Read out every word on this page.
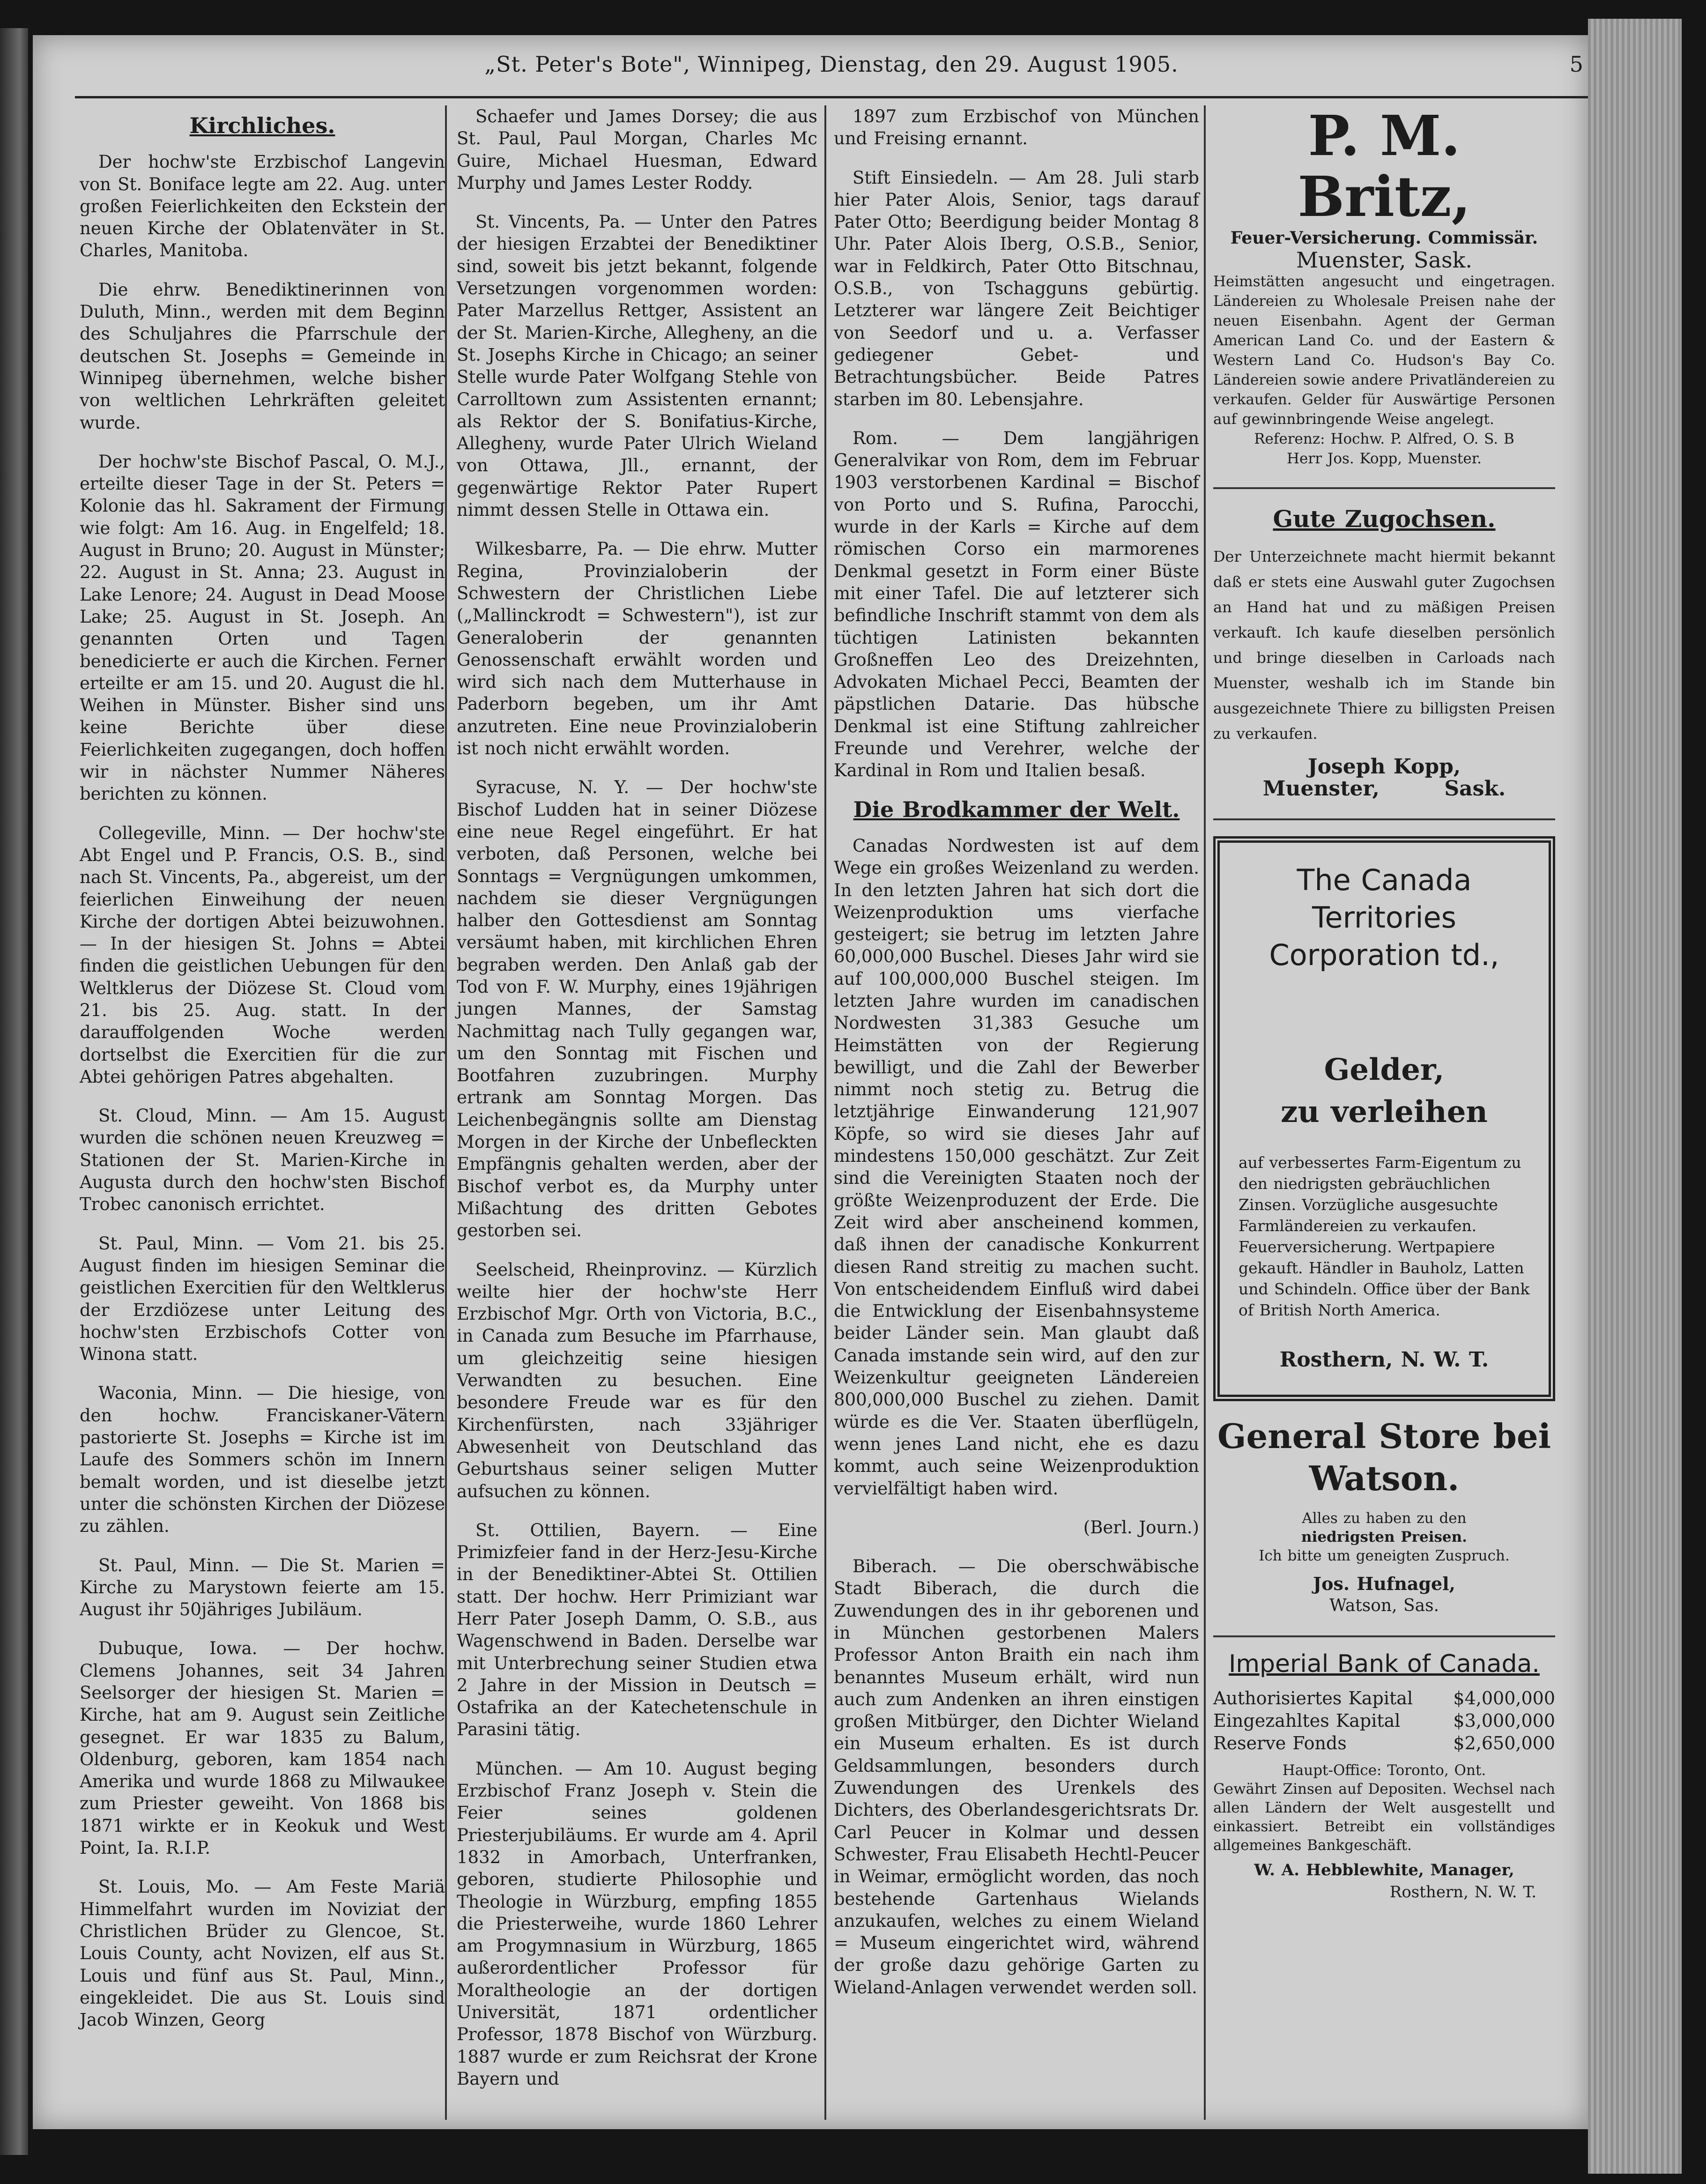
„St. Peter's Bote", Winnipeg, Dienstag, den 29. August 1905.	5
Kirchliches.

Der hochw'ste Erzbischof Langevin von St. Boniface legte am 22. Aug. unter großen Feierlichkeiten den Eckstein der neuen Kirche der Oblatenväter in St. Charles, Manitoba.

Die ehrw. Benediktinerinnen von Duluth, Minn., werden mit dem Beginn des Schuljahres die Pfarrschule der deutschen St. Josephs = Gemeinde in Winnipeg übernehmen, welche bisher von weltlichen Lehrkräften geleitet wurde.

Der hochw'ste Bischof Pascal, O. M.J., erteilte dieser Tage in der St. Peters = Kolonie das hl. Sakrament der Firmung wie folgt: Am 16. Aug. in Engelfeld; 18. August in Bruno; 20. August in Münster; 22. August in St. Anna; 23. August in Lake Lenore; 24. August in Dead Moose Lake; 25. August in St. Joseph. An genannten Orten und Tagen benedicierte er auch die Kirchen. Ferner erteilte er am 15. und 20. August die hl. Weihen in Münster. Bisher sind uns keine Berichte über diese Feierlichkeiten zugegangen, doch hoffen wir in nächster Nummer Näheres berichten zu können.

Collegeville, Minn. — Der hochw'ste Abt Engel und P. Francis, O.S. B., sind nach St. Vincents, Pa., abgereist, um der feierlichen Einweihung der neuen Kirche der dortigen Abtei beizuwohnen. — In der hiesigen St. Johns = Abtei finden die geistlichen Uebungen für den Weltklerus der Diözese St. Cloud vom 21. bis 25. Aug. statt. In der darauffolgenden Woche werden dortselbst die Exercitien für die zur Abtei gehörigen Patres abgehalten.

St. Cloud, Minn. — Am 15. August wurden die schönen neuen Kreuzweg = Stationen der St. Marien-Kirche in Augusta durch den hochw'sten Bischof Trobec canonisch errichtet.

St. Paul, Minn. — Vom 21. bis 25. August finden im hiesigen Seminar die geistlichen Exercitien für den Weltklerus der Erzdiözese unter Leitung des hochw'sten Erzbischofs Cotter von Winona statt.

Waconia, Minn. — Die hiesige, von den hochw. Franciskaner-Vätern pastorierte St. Josephs = Kirche ist im Laufe des Sommers schön im Innern bemalt worden, und ist dieselbe jetzt unter die schönsten Kirchen der Diözese zu zählen.

St. Paul, Minn. — Die St. Marien = Kirche zu Marystown feierte am 15. August ihr 50jähriges Jubiläum.

Dubuque, Iowa. — Der hochw. Clemens Johannes, seit 34 Jahren Seelsorger der hiesigen St. Marien = Kirche, hat am 9. August sein Zeitliche gesegnet. Er war 1835 zu Balum, Oldenburg, geboren, kam 1854 nach Amerika und wurde 1868 zu Milwaukee zum Priester geweiht. Von 1868 bis 1871 wirkte er in Keokuk und West Point, Ia. R.I.P.

St. Louis, Mo. — Am Feste Mariä Himmelfahrt wurden im Noviziat der Christlichen Brüder zu Glencoe, St. Louis County, acht Novizen, elf aus St. Louis und fünf aus St. Paul, Minn., eingekleidet. Die aus St. Louis sind Jacob Winzen, Georg

Schaefer und James Dorsey; die aus St. Paul, Paul Morgan, Charles Mc Guire, Michael Huesman, Edward Murphy und James Lester Roddy.

St. Vincents, Pa. — Unter den Patres der hiesigen Erzabtei der Benediktiner sind, soweit bis jetzt bekannt, folgende Versetzungen vorgenommen worden: Pater Marzellus Rettger, Assistent an der St. Marien-Kirche, Allegheny, an die St. Josephs Kirche in Chicago; an seiner Stelle wurde Pater Wolfgang Stehle von Carrolltown zum Assistenten ernannt; als Rektor der S. Bonifatius-Kirche, Allegheny, wurde Pater Ulrich Wieland von Ottawa, Jll., ernannt, der gegenwärtige Rektor Pater Rupert nimmt dessen Stelle in Ottawa ein.

Wilkesbarre, Pa. — Die ehrw. Mutter Regina, Provinzialoberin der Schwestern der Christlichen Liebe („Mallinckrodt = Schwestern"), ist zur Generaloberin der genannten Genossenschaft erwählt worden und wird sich nach dem Mutterhause in Paderborn begeben, um ihr Amt anzutreten. Eine neue Provinzialoberin ist noch nicht erwählt worden.

Syracuse, N. Y. — Der hochw'ste Bischof Ludden hat in seiner Diözese eine neue Regel eingeführt. Er hat verboten, daß Personen, welche bei Sonntags = Vergnügungen umkommen, nachdem sie dieser Vergnügungen halber den Gottesdienst am Sonntag versäumt haben, mit kirchlichen Ehren begraben werden. Den Anlaß gab der Tod von F. W. Murphy, eines 19jährigen jungen Mannes, der Samstag Nachmittag nach Tully gegangen war, um den Sonntag mit Fischen und Bootfahren zuzubringen. Murphy ertrank am Sonntag Morgen. Das Leichenbegängnis sollte am Dienstag Morgen in der Kirche der Unbefleckten Empfängnis gehalten werden, aber der Bischof verbot es, da Murphy unter Mißachtung des dritten Gebotes gestorben sei.

Seelscheid, Rheinprovinz. — Kürzlich weilte hier der hochw'ste Herr Erzbischof Mgr. Orth von Victoria, B.C., in Canada zum Besuche im Pfarrhause, um gleichzeitig seine hiesigen Verwandten zu besuchen. Eine besondere Freude war es für den Kirchenfürsten, nach 33jähriger Abwesenheit von Deutschland das Geburtshaus seiner seligen Mutter aufsuchen zu können.

St. Ottilien, Bayern. — Eine Primizfeier fand in der Herz-Jesu-Kirche in der Benediktiner-Abtei St. Ottilien statt. Der hochw. Herr Primiziant war Herr Pater Joseph Damm, O. S.B., aus Wagenschwend in Baden. Derselbe war mit Unterbrechung seiner Studien etwa 2 Jahre in der Mission in Deutsch = Ostafrika an der Katechetenschule in Parasini tätig.

München. — Am 10. August beging Erzbischof Franz Joseph v. Stein die Feier seines goldenen Priesterjubiläums. Er wurde am 4. April 1832 in Amorbach, Unterfranken, geboren, studierte Philosophie und Theologie in Würzburg, empfing 1855 die Priesterweihe, wurde 1860 Lehrer am Progymnasium in Würzburg, 1865 außerordentlicher Professor für Moraltheologie an der dortigen Universität, 1871 ordentlicher Professor, 1878 Bischof von Würzburg. 1887 wurde er zum Reichsrat der Krone Bayern und

1897 zum Erzbischof von München und Freising ernannt.

Stift Einsiedeln. — Am 28. Juli starb hier Pater Alois, Senior, tags darauf Pater Otto; Beerdigung beider Montag 8 Uhr. Pater Alois Iberg, O.S.B., Senior, war in Feldkirch, Pater Otto Bitschnau, O.S.B., von Tschagguns gebürtig. Letzterer war längere Zeit Beichtiger von Seedorf und u. a. Verfasser gediegener Gebet- und Betrachtungsbücher. Beide Patres starben im 80. Lebensjahre.

Rom. — Dem langjährigen Generalvikar von Rom, dem im Februar 1903 verstorbenen Kardinal = Bischof von Porto und S. Rufina, Parocchi, wurde in der Karls = Kirche auf dem römischen Corso ein marmorenes Denkmal gesetzt in Form einer Büste mit einer Tafel. Die auf letzterer sich befindliche Inschrift stammt von dem als tüchtigen Latinisten bekannten Großneffen Leo des Dreizehnten, Advokaten Michael Pecci, Beamten der päpstlichen Datarie. Das hübsche Denkmal ist eine Stiftung zahlreicher Freunde und Verehrer, welche der Kardinal in Rom und Italien besaß.

Die Brodkammer der Welt.

Canadas Nordwesten ist auf dem Wege ein großes Weizenland zu werden. In den letzten Jahren hat sich dort die Weizenproduktion ums vierfache gesteigert; sie betrug im letzten Jahre 60,000,000 Buschel. Dieses Jahr wird sie auf 100,000,000 Buschel steigen. Im letzten Jahre wurden im canadischen Nordwesten 31,383 Gesuche um Heimstätten von der Regierung bewilligt, und die Zahl der Bewerber nimmt noch stetig zu. Betrug die letztjährige Einwanderung 121,907 Köpfe, so wird sie dieses Jahr auf mindestens 150,000 geschätzt. Zur Zeit sind die Vereinigten Staaten noch der größte Weizenproduzent der Erde. Die Zeit wird aber anscheinend kommen, daß ihnen der canadische Konkurrent diesen Rand streitig zu machen sucht. Von entscheidendem Einfluß wird dabei die Entwicklung der Eisenbahnsysteme beider Länder sein. Man glaubt daß Canada imstande sein wird, auf den zur Weizenkultur geeigneten Ländereien 800,000,000 Buschel zu ziehen. Damit würde es die Ver. Staaten überflügeln, wenn jenes Land nicht, ehe es dazu kommt, auch seine Weizenproduktion vervielfältigt haben wird.

(Berl. Journ.)

Biberach. — Die oberschwäbische Stadt Biberach, die durch die Zuwendungen des in ihr geborenen und in München gestorbenen Malers Professor Anton Braith ein nach ihm benanntes Museum erhält, wird nun auch zum Andenken an ihren einstigen großen Mitbürger, den Dichter Wieland ein Museum erhalten. Es ist durch Geldsammlungen, besonders durch Zuwendungen des Urenkels des Dichters, des Oberlandesgerichtsrats Dr. Carl Peucer in Kolmar und dessen Schwester, Frau Elisabeth Hechtl-Peucer in Weimar, ermöglicht worden, das noch bestehende Gartenhaus Wielands anzukaufen, welches zu einem Wieland = Museum eingerichtet wird, während der große dazu gehörige Garten zu Wieland-Anlagen verwendet werden soll.

P. M. Britz,
Feuer-Versicherung. Commissär.
Muenster, Sask.
Heimstätten angesucht und eingetragen. Ländereien zu Wholesale Preisen nahe der neuen Eisenbahn. Agent der German American Land Co. und der Eastern & Western Land Co. Hudson's Bay Co. Ländereien sowie andere Privatländereien zu verkaufen. Gelder für Auswärtige Personen auf gewinnbringende Weise angelegt.
Referenz: Hochw. P. Alfred, O. S. B
Herr Jos. Kopp, Muenster.
Gute Zugochsen.
Der Unterzeichnete macht hiermit bekannt daß er stets eine Auswahl guter Zugochsen an Hand hat und zu mäßigen Preisen verkauft. Ich kaufe dieselben persönlich und bringe dieselben in Carloads nach Muenster, weshalb ich im Stande bin ausgezeichnete Thiere zu billigsten Preisen zu verkaufen.
Joseph Kopp,
Muenster,        Sask.
The Canada Territories
Corporation td.,
Gelder,
zu verleihen
auf verbessertes Farm-Eigentum zu den niedrigsten gebräuchlichen Zinsen. Vorzügliche ausgesuchte Farmländereien zu verkaufen. Feuerversicherung. Wertpapiere gekauft. Händler in Bauholz, Latten und Schindeln. Office über der Bank of British North America.
Rosthern, N. W. T.
General Store bei
Watson.
Alles zu haben zu den
niedrigsten Preisen.
Ich bitte um geneigten Zuspruch.
Jos. Hufnagel,
Watson, Sas.
Imperial Bank of Canada.
Authorisiertes Kapital $4,000,000
Eingezahltes Kapital	$3,000,000
Reserve Fonds	$2,650,000
Haupt-Office: Toronto, Ont.
Gewährt Zinsen auf Depositen. Wechsel nach allen Ländern der Welt ausgestellt und einkassiert. Betreibt ein vollständiges allgemeines Bankgeschäft.
W. A. Hebblewhite, Manager,
Rosthern, N. W. T.
